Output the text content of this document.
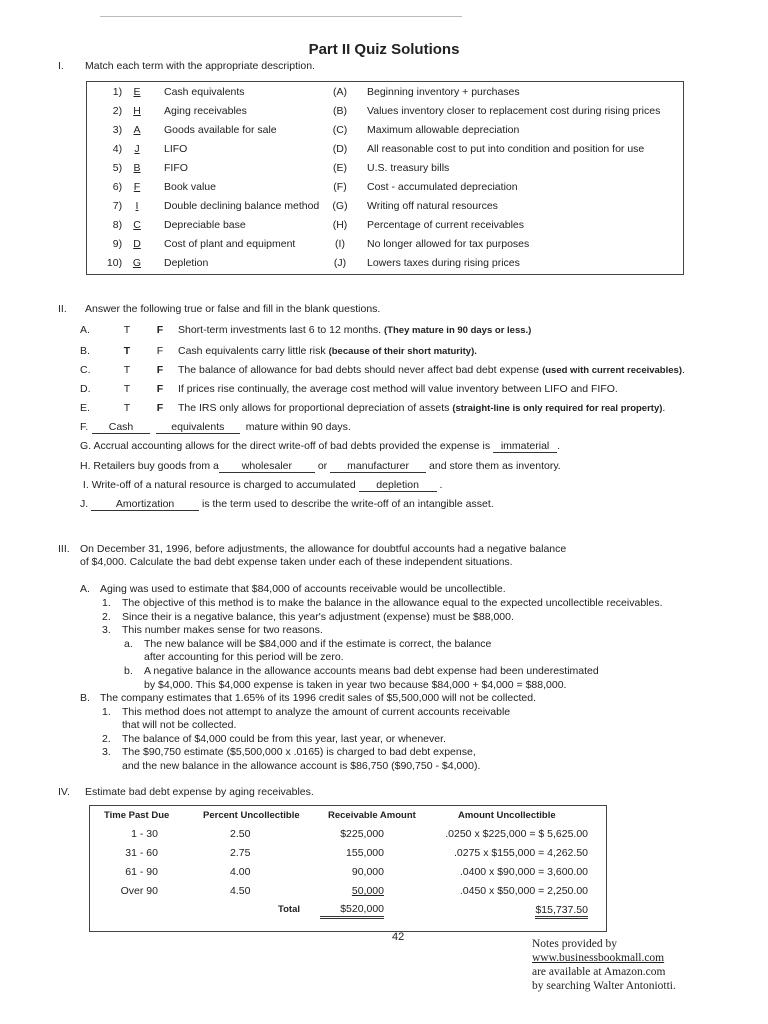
Part II Quiz Solutions
I. Match each term with the appropriate description.
1) E	Cash equivalents	(A)	Beginning inventory + purchases
2) H	Aging receivables	(B)	Values inventory closer to replacement cost during rising prices
3) A	Goods available for sale	(C)	Maximum allowable depreciation
4) J	LIFO	(D)	All reasonable cost to put into condition and position for use
5) B	FIFO	(E)	U.S. treasury bills
6) F	Book value	(F)	Cost - accumulated depreciation
7) I	Double declining balance method	(G)	Writing off natural resources
8) C	Depreciable base	(H)	Percentage of current receivables
9) D	Cost of plant and equipment	(I)	No longer allowed for tax purposes
10) G	Depletion	(J)	Lowers taxes during rising prices
II. Answer the following true or false and fill in the blank questions.
A.	T	F Short-term investments last 6 to 12 months. (They mature in 90 days or less.)
B.	T	F Cash equivalents carry little risk (because of their short maturity).
C.	T	F The balance of allowance for bad debts should never affect bad debt expense (used with current receivables).
D.	T	F If prices rise continually, the average cost method will value inventory between LIFO and FIFO.
E.	T	F The IRS only allows for proportional depreciation of assets (straight-line is only required for real property).
F. Cash	equivalents mature within 90 days.
G. Accrual accounting allows for the direct write-off of bad debts provided the expense is immaterial .
H. Retailers buy goods from a wholesaler or manufacturer and store them as inventory.
I. Write-off of a natural resource is charged to accumulated depletion .
J.	Amortization	is the term used to describe the write-off of an intangible asset.
III. On December 31, 1996, before adjustments, the allowance for doubtful accounts had a negative balance
of $4,000. Calculate the bad debt expense taken under each of these independent situations.
A. Aging was used to estimate that $84,000 of accounts receivable would be uncollectible.
1. The objective of this method is to make the balance in the allowance equal to the expected uncollectible receivables.
2. Since their is a negative balance, this year's adjustment (expense) must be $88,000.
3. This number makes sense for two reasons.
a. The new balance will be $84,000 and if the estimate is correct, the balance
after accounting for this period will be zero.
b. A negative balance in the allowance accounts means bad debt expense had been underestimated
by $4,000. This $4,000 expense is taken in year two because $84,000 + $4,000 = $88,000.
B. The company estimates that 1.65% of its 1996 credit sales of $5,500,000 will not be collected.
1. This method does not attempt to analyze the amount of current accounts receivable
that will not be collected.
2. The balance of $4,000 could be from this year, last year, or whenever.
3. The $90,750 estimate ($5,500,000 x .0165) is charged to bad debt expense,
and the new balance in the allowance account is $86,750 ($90,750 - $4,000).
IV. Estimate bad debt expense by aging receivables.
Time Past Due	Percent Uncollectible	Receivable Amount	Amount Uncollectible
1 - 30	2.50	$225,000	.0250 x $225,000 = $ 5,625.00
31 - 60	2.75	155,000	.0275 x $155,000 = 4,262.50
61 - 90	4.00	90,000	.0400 x $90,000 = 3,600.00
Over 90	4.50	50,000	.0450 x $50,000 = 2,250.00
Total	$520,000	$15,737.50
42
Notes provided by
www.businessbookmall.com
are available at Amazon.com
by searching Walter Antoniotti.
